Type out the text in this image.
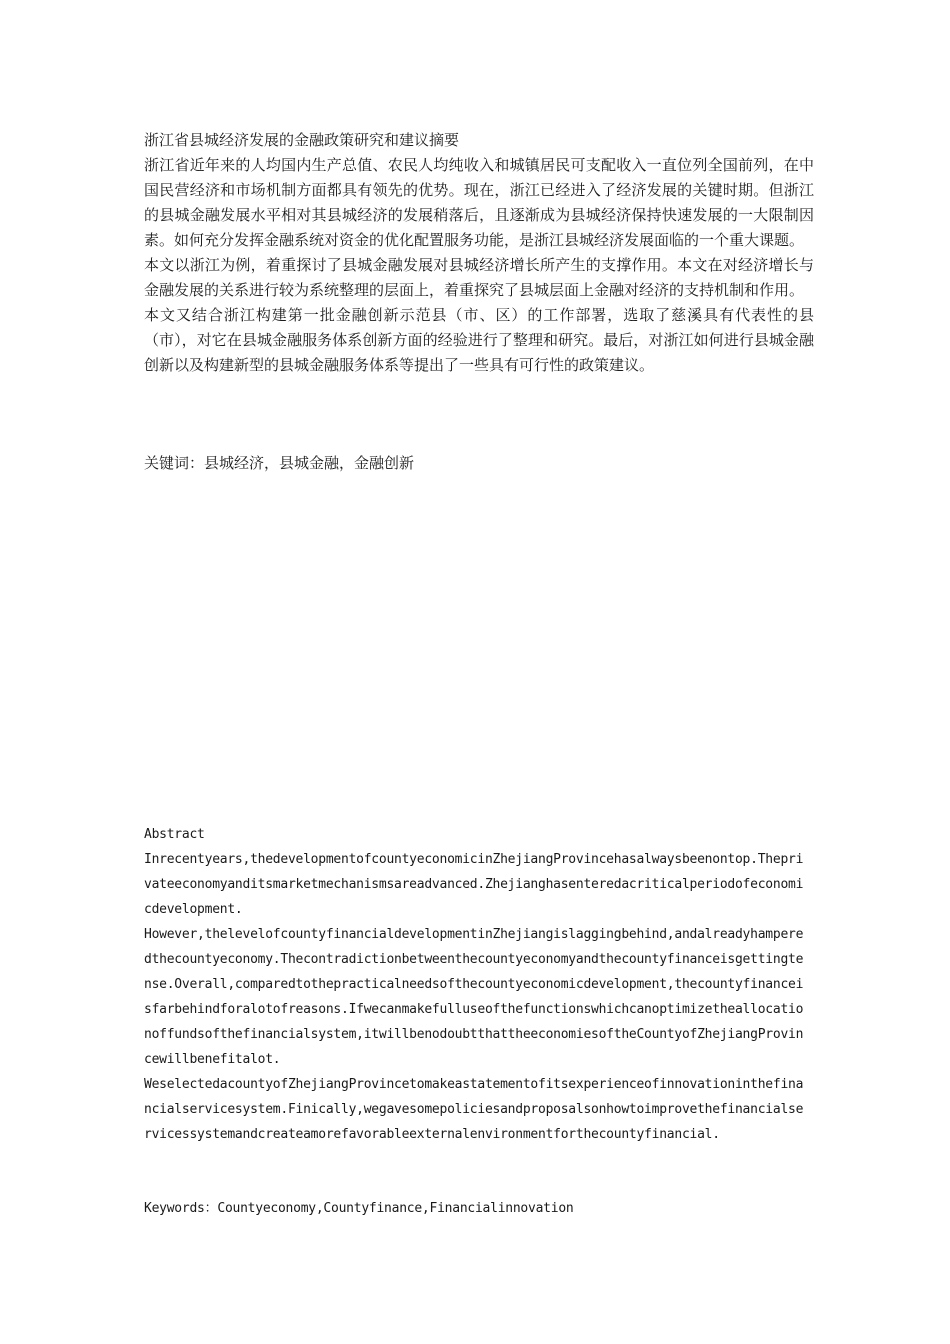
浙江省县城经济发展的金融政策研究和建议摘要

浙江省近年来的人均国内生产总值、农民人均纯收入和城镇居民可支配收入一直位列全国前列，在中国民营经济和市场机制方面都具有领先的优势。现在，浙江已经进入了经济发展的关键时期。但浙江的县城金融发展水平相对其县城经济的发展稍落后，且逐渐成为县城经济保持快速发展的一大限制因素。如何充分发挥金融系统对资金的优化配置服务功能，是浙江县城经济发展面临的一个重大课题。

本文以浙江为例，着重探讨了县城金融发展对县城经济增长所产生的支撑作用。本文在对经济增长与金融发展的关系进行较为系统整理的层面上，着重探究了县城层面上金融对经济的支持机制和作用。

本文又结合浙江构建第一批金融创新示范县（市、区）的工作部署，选取了慈溪具有代表性的县（市），对它在县城金融服务体系创新方面的经验进行了整理和研究。最后，对浙江如何进行县城金融创新以及构建新型的县城金融服务体系等提出了一些具有可行性的政策建议。

关键词：县城经济，县城金融，金融创新

Abstract

Inrecentyears,thedevelopmentofcountyeconomicinZhejiangProvincehasalwaysbeenontop.Theprivateeconomyanditsmarketmechanismsareadvanced.Zhejianghasenteredacriticalperiodofeconomicdevelopment.

However,thelevelofcountyfinancialdevelopmentinZhejiangislaggingbehind,andalreadyhamperedthecountyeconomy.Thecontradictionbetweenthecountyeconomyandthecountyfinanceisgettingtense.Overall,comparedtothepracticalneedsofthecountyeconomicdevelopment,thecountyfinanceisfarbehindforalotofreasons.Ifwecanmakefulluseofthefunctionswhichcanoptimizetheallocationoffundsofthefinancialsystem,itwillbenodoubtthattheeconomiesoftheCountyofZhejiangProvincewillbenefitalot.

WeselectedacountyofZhejiangProvincetomakeastatementofitsexperienceofinnovationinthefinancialservicesystem.Finically,wegavesomepoliciesandproposalsonhowtoimprovethefinancialservicessystemandcreateamorefavorableexternalenvironmentforthecountyfinancial.

Keywords：Countyeconomy,Countyfinance,Financialinnovation
